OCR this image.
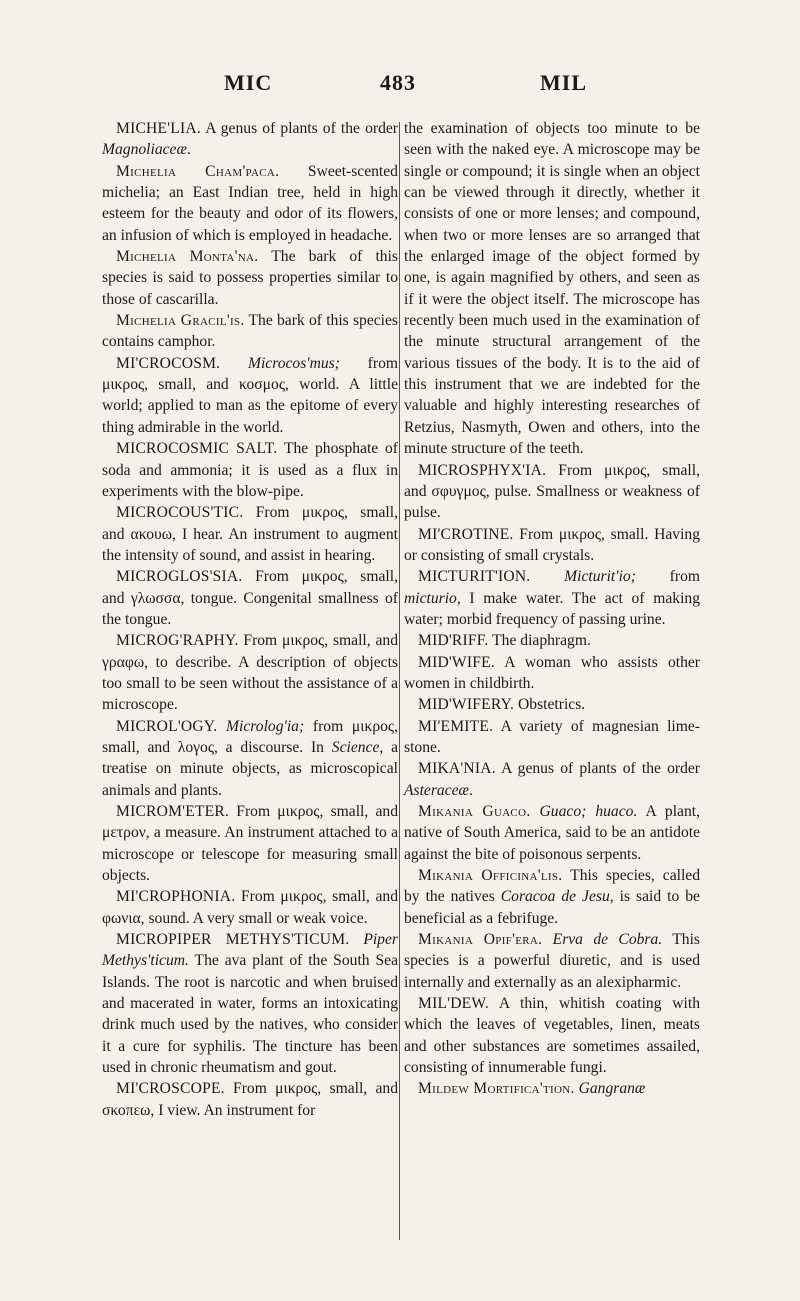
MIC	483	MIL

MICHE'LIA. A genus of plants of the order Magnoliaceæ.

Michelia Cham'paca. Sweet-scented michelia; an East Indian tree, held in high esteem for the beauty and odor of its flowers, an infusion of which is employed in headache.

Michelia Monta'na. The bark of this species is said to possess properties similar to those of cascarilla.

Michelia Gracil'is. The bark of this species contains camphor.

MI'CROCOSM. Microcos'mus; from μικρος, small, and κοσμος, world. A little world; applied to man as the epitome of every thing admirable in the world.

MICROCOSMIC SALT. The phosphate of soda and ammonia; it is used as a flux in experiments with the blow-pipe.

MICROCOUS'TIC. From μικρος, small, and ακουω, I hear. An instrument to augment the intensity of sound, and assist in hearing.

MICROGLOS'SIA. From μικρος, small, and γλωσσα, tongue. Congenital smallness of the tongue.

MICROG'RAPHY. From μικρος, small, and γραφω, to describe. A description of objects too small to be seen without the assistance of a microscope.

MICROL'OGY. Microlog'ia; from μικρος, small, and λογος, a discourse. In Science, a treatise on minute objects, as microscopical animals and plants.

MICROM'ETER. From μικρος, small, and μετρον, a measure. An instrument attached to a microscope or telescope for measuring small objects.

MI'CROPHONIA. From μικρος, small, and φωνια, sound. A very small or weak voice.

MICROPIPER METHYS'TICUM. Piper Methys'ticum. The ava plant of the South Sea Islands. The root is narcotic and when bruised and macerated in water, forms an intoxicating drink much used by the natives, who consider it a cure for syphilis. The tincture has been used in chronic rheumatism and gout.

MI'CROSCOPE. From μικρος, small, and σκοπεω, I view. An instrument for

the examination of objects too minute to be seen with the naked eye. A microscope may be single or compound; it is single when an object can be viewed through it directly, whether it consists of one or more lenses; and compound, when two or more lenses are so arranged that the enlarged image of the object formed by one, is again magnified by others, and seen as if it were the object itself. The microscope has recently been much used in the examination of the minute structural arrangement of the various tissues of the body. It is to the aid of this instrument that we are indebted for the valuable and highly interesting researches of Retzius, Nasmyth, Owen and others, into the minute structure of the teeth.

MICROSPHYX'IA. From μικρος, small, and σφυγμος, pulse. Smallness or weakness of pulse.

MI'CROTINE. From μικρος, small. Having or consisting of small crystals.

MICTURIT'ION. Micturit'io; from micturio, I make water. The act of making water; morbid frequency of passing urine.

MID'RIFF. The diaphragm.

MID'WIFE. A woman who assists other women in childbirth.

MID'WIFERY. Obstetrics.

MI'EMITE. A variety of magnesian lime-stone.

MIKA'NIA. A genus of plants of the order Asteraceæ.

Mikania Guaco. Guaco; huaco. A plant, native of South America, said to be an antidote against the bite of poisonous serpents.

Mikania Officina'lis. This species, called by the natives Coracoa de Jesu, is said to be beneficial as a febrifuge.

Mikania Opif'era. Erva de Cobra. This species is a powerful diuretic, and is used internally and externally as an alexipharmic.

MIL'DEW. A thin, whitish coating with which the leaves of vegetables, linen, meats and other substances are sometimes assailed, consisting of innumerable fungi.

Mildew Mortifica'tion. Gangranæ
